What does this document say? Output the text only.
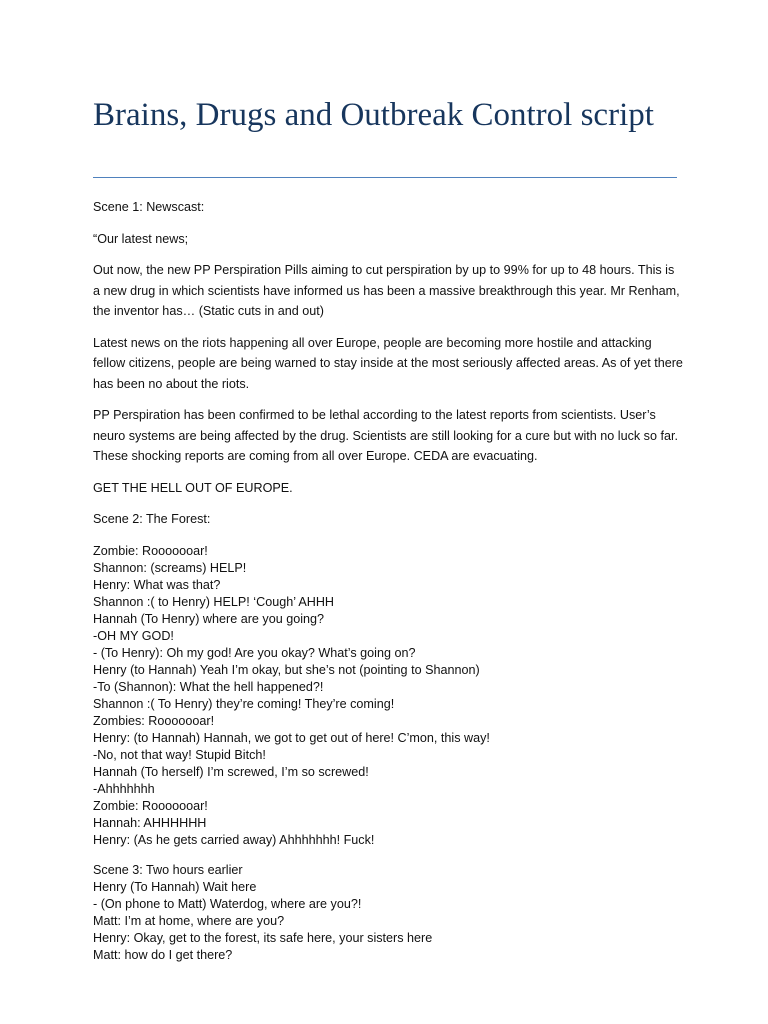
Brains, Drugs and Outbreak Control script

Scene 1: Newscast:

“Our latest news;

Out now, the new PP Perspiration Pills aiming to cut perspiration by up to 99% for up to 48 hours. This is a new drug in which scientists have informed us has been a massive breakthrough this year. Mr Renham, the inventor has… (Static cuts in and out)

Latest news on the riots happening all over Europe, people are becoming more hostile and attacking fellow citizens, people are being warned to stay inside at the most seriously affected areas. As of yet there has been no about the riots.

PP Perspiration has been confirmed to be lethal according to the latest reports from scientists. User’s neuro systems are being affected by the drug. Scientists are still looking for a cure but with no luck so far. These shocking reports are coming from all over Europe. CEDA are evacuating.

GET THE HELL OUT OF EUROPE.

Scene 2: The Forest:

Zombie: Rooooooar!

Shannon: (screams) HELP!

Henry: What was that?

Shannon :( to Henry) HELP! ‘Cough’ AHHH

Hannah (To Henry) where are you going?

-OH MY GOD!

- (To Henry): Oh my god! Are you okay? What’s going on?

Henry (to Hannah) Yeah I’m okay, but she’s not (pointing to Shannon)

-To (Shannon): What the hell happened?!

Shannon :( To Henry) they’re coming! They’re coming!

Zombies: Rooooooar!

Henry: (to Hannah) Hannah, we got to get out of here! C’mon, this way!

-No, not that way! Stupid Bitch!

Hannah (To herself) I’m screwed, I’m so screwed!

-Ahhhhhhh

Zombie: Rooooooar!

Hannah: AHHHHHH

Henry: (As he gets carried away) Ahhhhhhh! Fuck!

Scene 3: Two hours earlier

Henry (To Hannah) Wait here

- (On phone to Matt) Waterdog, where are you?!

Matt: I’m at home, where are you?

Henry: Okay, get to the forest, its safe here, your sisters here

Matt: how do I get there?
